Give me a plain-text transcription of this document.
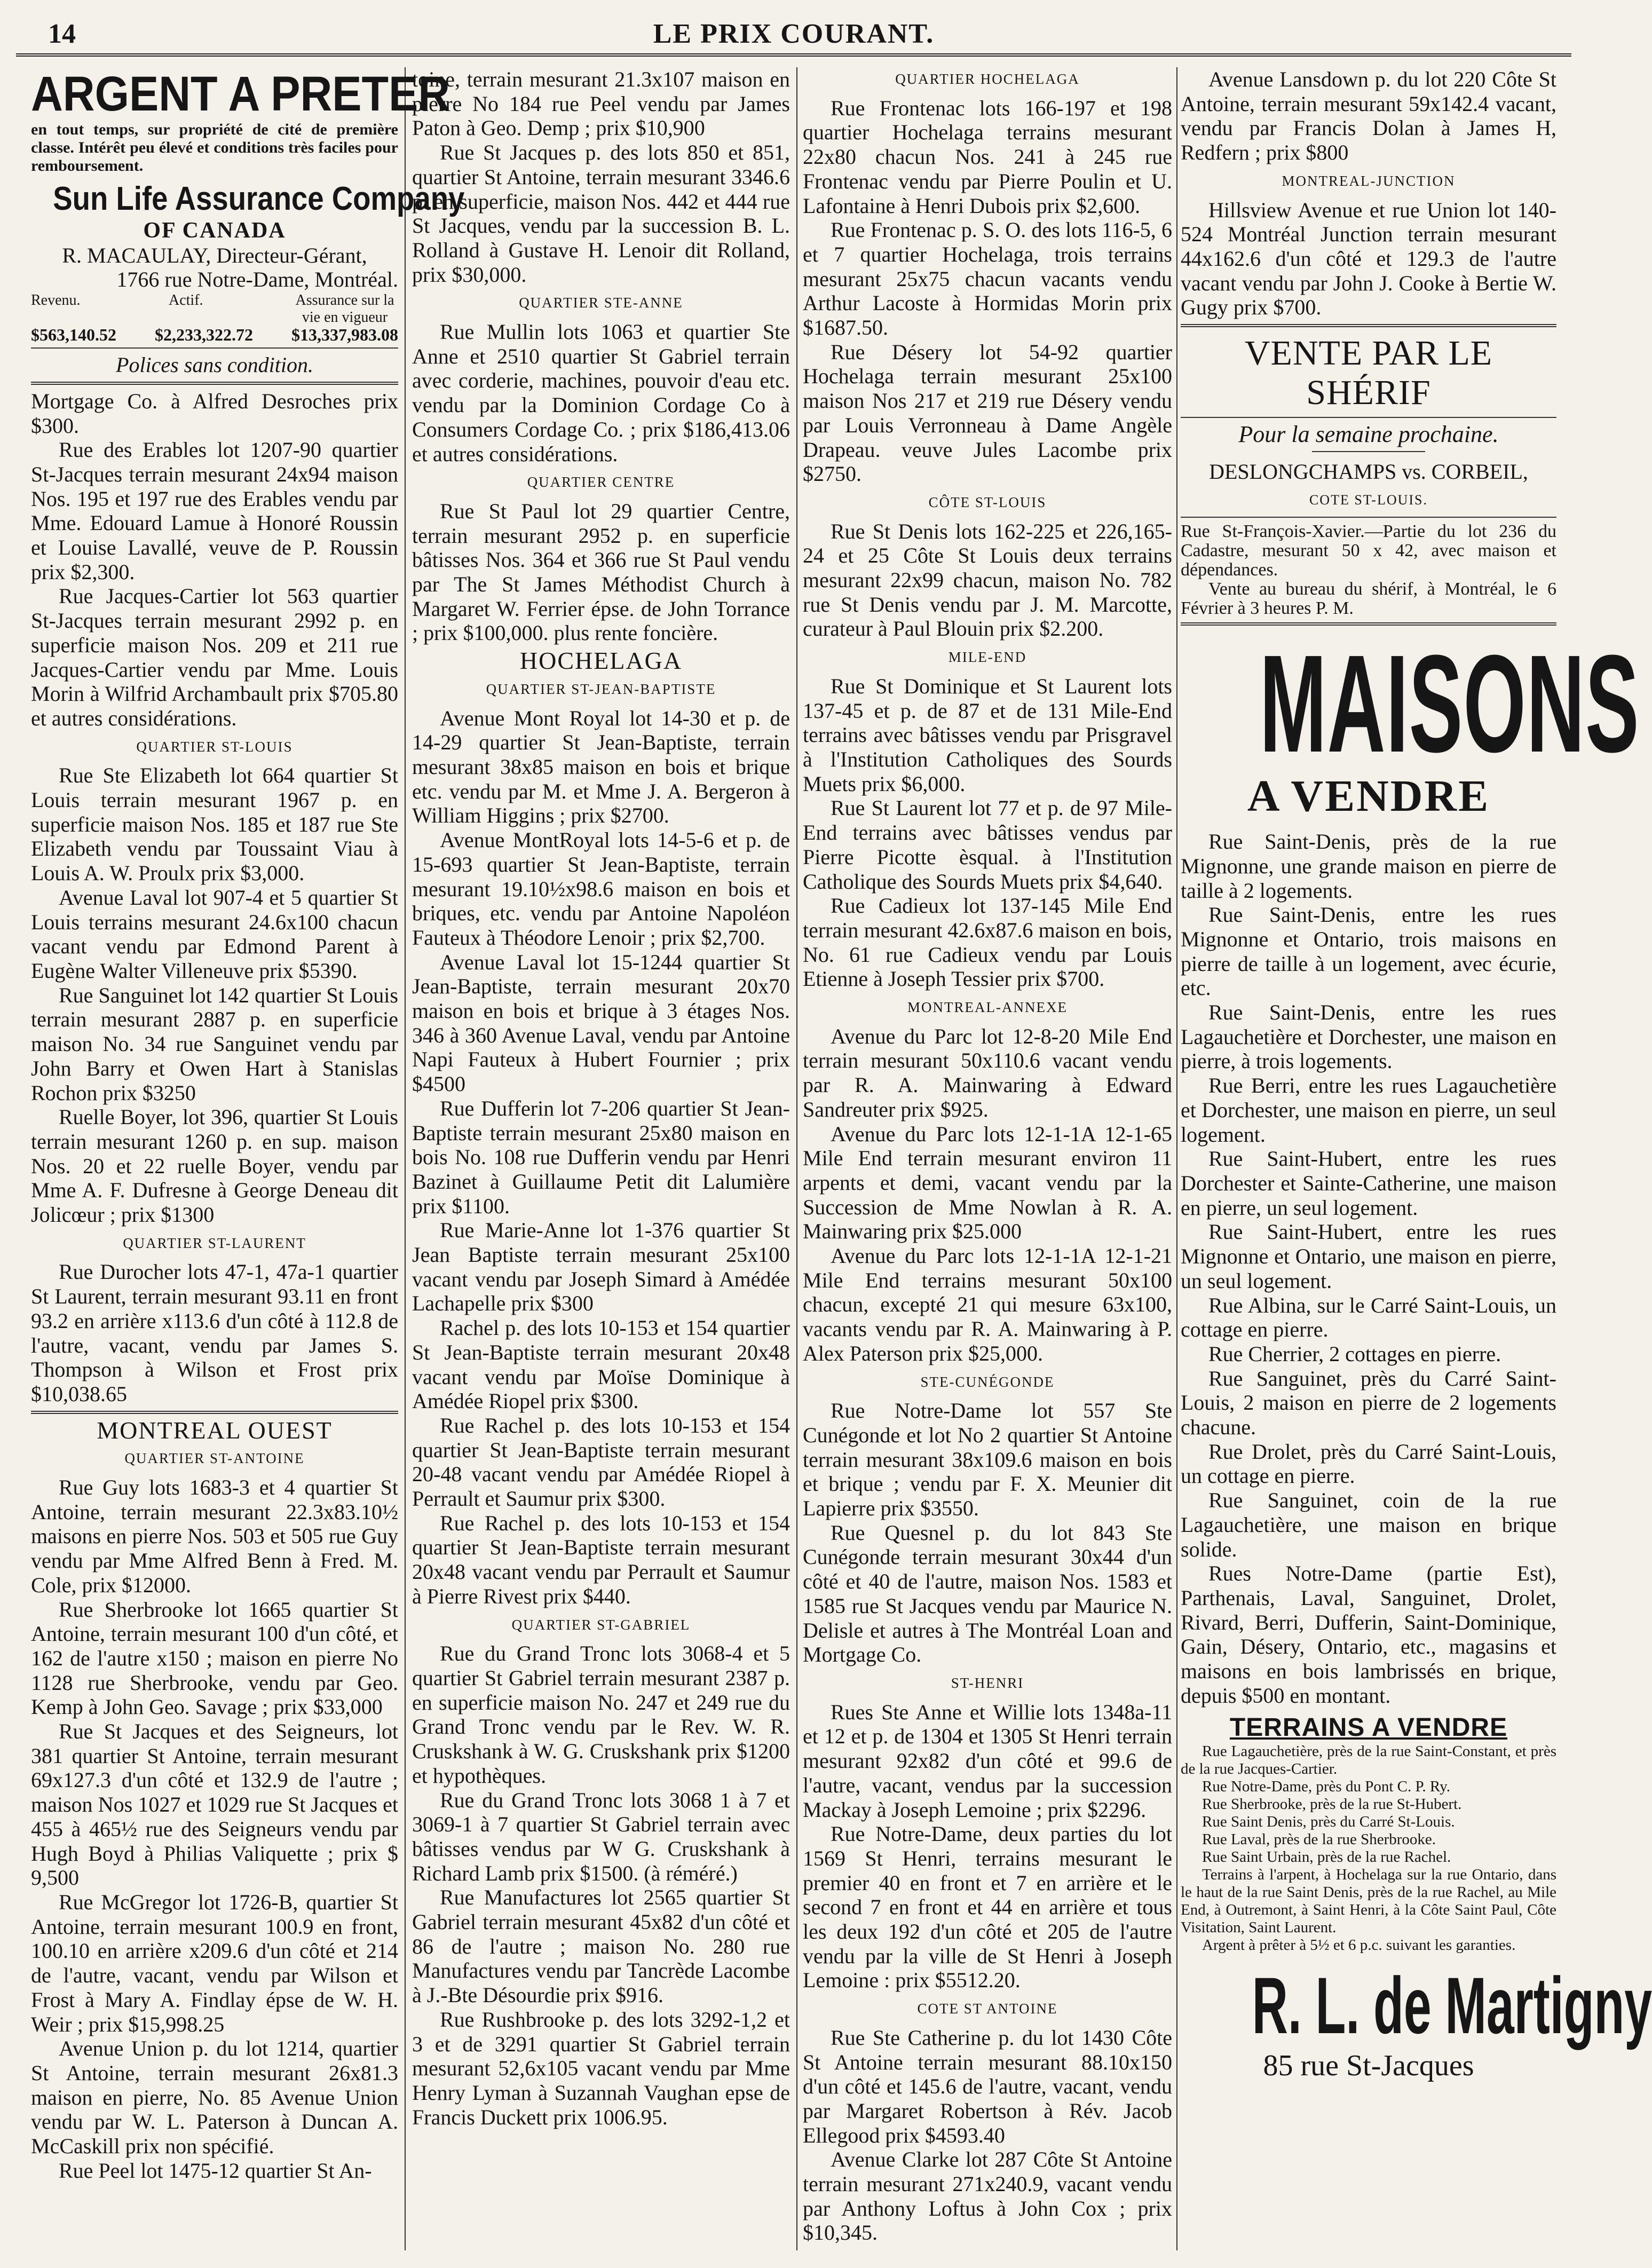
14	LE PRIX COURANT.
ARGENT A PRETER

en tout temps, sur propriété de cité de première classe. Intérêt peu élevé et conditions très faciles pour remboursement.

Sun Life Assurance Company
OF CANADA
R. MACAULAY, Directeur-Gérant,
1766 rue Notre-Dame, Montréal.
Revenu.	Actif.	Assurance sur la vie en vigueur
$563,140.52 $2,233,322.72 $13,337,983.08
Polices sans condition.

Mortgage Co. à Alfred Desroches prix $300.

Rue des Erables lot 1207-90 quartier St-Jacques terrain mesurant 24x94 maison Nos. 195 et 197 rue des Erables vendu par Mme. Edouard Lamue à Honoré Roussin et Louise Lavallé, veuve de P. Roussin prix $2,300.

Rue Jacques-Cartier lot 563 quartier St-Jacques terrain mesurant 2992 p. en superficie maison Nos. 209 et 211 rue Jacques-Cartier vendu par Mme. Louis Morin à Wilfrid Archambault prix $705.80 et autres considérations.

QUARTIER ST-LOUIS

Rue Ste Elizabeth lot 664 quartier St Louis terrain mesurant 1967 p. en superficie maison Nos. 185 et 187 rue Ste Elizabeth vendu par Toussaint Viau à Louis A. W. Proulx prix $3,000.

Avenue Laval lot 907-4 et 5 quartier St Louis terrains mesurant 24.6x100 chacun vacant vendu par Edmond Parent à Eugène Walter Villeneuve prix $5390.

Rue Sanguinet lot 142 quartier St Louis terrain mesurant 2887 p. en superficie maison No. 34 rue Sanguinet vendu par John Barry et Owen Hart à Stanislas Rochon prix $3250

Ruelle Boyer, lot 396, quartier St Louis terrain mesurant 1260 p. en sup. maison Nos. 20 et 22 ruelle Boyer, vendu par Mme A. F. Dufresne à George Deneau dit Jolicœur ; prix $1300

QUARTIER ST-LAURENT

Rue Durocher lots 47-1, 47a-1 quartier St Laurent, terrain mesurant 93.11 en front 93.2 en arrière x113.6 d'un côté à 112.8 de l'autre, vacant, vendu par James S. Thompson à Wilson et Frost prix $10,038.65

MONTREAL OUEST
QUARTIER ST-ANTOINE

Rue Guy lots 1683-3 et 4 quartier St Antoine, terrain mesurant 22.3x83.10½ maisons en pierre Nos. 503 et 505 rue Guy vendu par Mme Alfred Benn à Fred. M. Cole, prix $12000.

Rue Sherbrooke lot 1665 quartier St Antoine, terrain mesurant 100 d'un côté, et 162 de l'autre x150 ; maison en pierre No 1128 rue Sherbrooke, vendu par Geo. Kemp à John Geo. Savage ; prix $33,000

Rue St Jacques et des Seigneurs, lot 381 quartier St Antoine, terrain mesurant 69x127.3 d'un côté et 132.9 de l'autre ; maison Nos 1027 et 1029 rue St Jacques et 455 à 465½ rue des Seigneurs vendu par Hugh Boyd à Philias Valiquette ; prix $ 9,500

Rue McGregor lot 1726-B, quartier St Antoine, terrain mesurant 100.9 en front, 100.10 en arrière x209.6 d'un côté et 214 de l'autre, vacant, vendu par Wilson et Frost à Mary A. Findlay épse de W. H. Weir ; prix $15,998.25

Avenue Union p. du lot 1214, quartier St Antoine, terrain mesurant 26x81.3 maison en pierre, No. 85 Avenue Union vendu par W. L. Paterson à Duncan A. McCaskill prix non spécifié.

Rue Peel lot 1475-12 quartier St An-

toine, terrain mesurant 21.3x107 maison en pierre No 184 rue Peel vendu par James Paton à Geo. Demp ; prix $10,900

Rue St Jacques p. des lots 850 et 851, quartier St Antoine, terrain mesurant 3346.6 p. en superficie, maison Nos. 442 et 444 rue St Jacques, vendu par la succession B. L. Rolland à Gustave H. Lenoir dit Rolland, prix $30,000.

QUARTIER STE-ANNE

Rue Mullin lots 1063 et quartier Ste Anne et 2510 quartier St Gabriel terrain avec corderie, machines, pouvoir d'eau etc. vendu par la Dominion Cordage Co à Consumers Cordage Co. ; prix $186,413.06 et autres considérations.

QUARTIER CENTRE

Rue St Paul lot 29 quartier Centre, terrain mesurant 2952 p. en superficie bâtisses Nos. 364 et 366 rue St Paul vendu par The St James Méthodist Church à Margaret W. Ferrier épse. de John Torrance ; prix $100,000. plus rente foncière.

HOCHELAGA
QUARTIER ST-JEAN-BAPTISTE

Avenue Mont Royal lot 14-30 et p. de 14-29 quartier St Jean-Baptiste, terrain mesurant 38x85 maison en bois et brique etc. vendu par M. et Mme J. A. Bergeron à William Higgins ; prix $2700.

Avenue MontRoyal lots 14-5-6 et p. de 15-693 quartier St Jean-Baptiste, terrain mesurant 19.10½x98.6 maison en bois et briques, etc. vendu par Antoine Napoléon Fauteux à Théodore Lenoir ; prix $2,700.

Avenue Laval lot 15-1244 quartier St Jean-Baptiste, terrain mesurant 20x70 maison en bois et brique à 3 étages Nos. 346 à 360 Avenue Laval, vendu par Antoine Napi Fauteux à Hubert Fournier ; prix $4500

Rue Dufferin lot 7-206 quartier St Jean-Baptiste terrain mesurant 25x80 maison en bois No. 108 rue Dufferin vendu par Henri Bazinet à Guillaume Petit dit Lalumière prix $1100.

Rue Marie-Anne lot 1-376 quartier St Jean Baptiste terrain mesurant 25x100 vacant vendu par Joseph Simard à Amédée Lachapelle prix $300

Rachel p. des lots 10-153 et 154 quartier St Jean-Baptiste terrain mesurant 20x48 vacant vendu par Moïse Dominique à Amédée Riopel prix $300.

Rue Rachel p. des lots 10-153 et 154 quartier St Jean-Baptiste terrain mesurant 20-48 vacant vendu par Amédée Riopel à Perrault et Saumur prix $300.

Rue Rachel p. des lots 10-153 et 154 quartier St Jean-Baptiste terrain mesurant 20x48 vacant vendu par Perrault et Saumur à Pierre Rivest prix $440.

QUARTIER ST-GABRIEL

Rue du Grand Tronc lots 3068-4 et 5 quartier St Gabriel terrain mesurant 2387 p. en superficie maison No. 247 et 249 rue du Grand Tronc vendu par le Rev. W. R. Cruskshank à W. G. Cruskshank prix $1200 et hypothèques.

Rue du Grand Tronc lots 3068 1 à 7 et 3069-1 à 7 quartier St Gabriel terrain avec bâtisses vendus par W G. Cruskshank à Richard Lamb prix $1500. (à réméré.)

Rue Manufactures lot 2565 quartier St Gabriel terrain mesurant 45x82 d'un côté et 86 de l'autre ; maison No. 280 rue Manufactures vendu par Tancrède Lacombe à J.-Bte Désourdie prix $916.

Rue Rushbrooke p. des lots 3292-1,2 et 3 et de 3291 quartier St Gabriel terrain mesurant 52,6x105 vacant vendu par Mme Henry Lyman à Suzannah Vaughan epse de Francis Duckett prix 1006.95.

QUARTIER HOCHELAGA

Rue Frontenac lots 166-197 et 198 quartier Hochelaga terrains mesurant 22x80 chacun Nos. 241 à 245 rue Frontenac vendu par Pierre Poulin et U. Lafontaine à Henri Dubois prix $2,600.

Rue Frontenac p. S. O. des lots 116-5, 6 et 7 quartier Hochelaga, trois terrains mesurant 25x75 chacun vacants vendu Arthur Lacoste à Hormidas Morin prix $1687.50.

Rue Désery lot 54-92 quartier Hochelaga terrain mesurant 25x100 maison Nos 217 et 219 rue Désery vendu par Louis Verronneau à Dame Angèle Drapeau. veuve Jules Lacombe prix $2750.

CÔTE ST-LOUIS

Rue St Denis lots 162-225 et 226,165-24 et 25 Côte St Louis deux terrains mesurant 22x99 chacun, maison No. 782 rue St Denis vendu par J. M. Marcotte, curateur à Paul Blouin prix $2.200.

MILE-END

Rue St Dominique et St Laurent lots 137-45 et p. de 87 et de 131 Mile-End terrains avec bâtisses vendu par Prisgravel à l'Institution Catholiques des Sourds Muets prix $6,000.

Rue St Laurent lot 77 et p. de 97 Mile-End terrains avec bâtisses vendus par Pierre Picotte èsqual. à l'Institution Catholique des Sourds Muets prix $4,640.

Rue Cadieux lot 137-145 Mile End terrain mesurant 42.6x87.6 maison en bois, No. 61 rue Cadieux vendu par Louis Etienne à Joseph Tessier prix $700.

MONTREAL-ANNEXE

Avenue du Parc lot 12-8-20 Mile End terrain mesurant 50x110.6 vacant vendu par R. A. Mainwaring à Edward Sandreuter prix $925.

Avenue du Parc lots 12-1-1A 12-1-65 Mile End terrain mesurant environ 11 arpents et demi, vacant vendu par la Succession de Mme Nowlan à R. A. Mainwaring prix $25.000

Avenue du Parc lots 12-1-1A 12-1-21 Mile End terrains mesurant 50x100 chacun, excepté 21 qui mesure 63x100, vacants vendu par R. A. Mainwaring à P. Alex Paterson prix $25,000.

STE-CUNÉGONDE

Rue Notre-Dame lot 557 Ste Cunégonde et lot No 2 quartier St Antoine terrain mesurant 38x109.6 maison en bois et brique ; vendu par F. X. Meunier dit Lapierre prix $3550.

Rue Quesnel p. du lot 843 Ste Cunégonde terrain mesurant 30x44 d'un côté et 40 de l'autre, maison Nos. 1583 et 1585 rue St Jacques vendu par Maurice N. Delisle et autres à The Montréal Loan and Mortgage Co.

ST-HENRI

Rues Ste Anne et Willie lots 1348a-11 et 12 et p. de 1304 et 1305 St Henri terrain mesurant 92x82 d'un côté et 99.6 de l'autre, vacant, vendus par la succession Mackay à Joseph Lemoine ; prix $2296.

Rue Notre-Dame, deux parties du lot 1569 St Henri, terrains mesurant le premier 40 en front et 7 en arrière et le second 7 en front et 44 en arrière et tous les deux 192 d'un côté et 205 de l'autre vendu par la ville de St Henri à Joseph Lemoine : prix $5512.20.

COTE ST ANTOINE

Rue Ste Catherine p. du lot 1430 Côte St Antoine terrain mesurant 88.10x150 d'un côté et 145.6 de l'autre, vacant, vendu par Margaret Robertson à Rév. Jacob Ellegood prix $4593.40

Avenue Clarke lot 287 Côte St Antoine terrain mesurant 271x240.9, vacant vendu par Anthony Loftus à John Cox ; prix $10,345.

Avenue Lansdown p. du lot 220 Côte St Antoine, terrain mesurant 59x142.4 vacant, vendu par Francis Dolan à James H, Redfern ; prix $800

MONTREAL-JUNCTION

Hillsview Avenue et rue Union lot 140-524 Montréal Junction terrain mesurant 44x162.6 d'un côté et 129.3 de l'autre vacant vendu par John J. Cooke à Bertie W. Gugy prix $700.

VENTE PAR LE SHÉRIF
Pour la semaine prochaine.
DESLONGCHAMPS vs. CORBEIL,
COTE ST-LOUIS.

Rue St-François-Xavier.—Partie du lot 236 du Cadastre, mesurant 50 x 42, avec maison et dépendances.

Vente au bureau du shérif, à Montréal, le 6 Février à 3 heures P. M.

MAISONS
A VENDRE

Rue Saint-Denis, près de la rue Mignonne, une grande maison en pierre de taille à 2 logements.

Rue Saint-Denis, entre les rues Mignonne et Ontario, trois maisons en pierre de taille à un logement, avec écurie, etc.

Rue Saint-Denis, entre les rues Lagauchetière et Dorchester, une maison en pierre, à trois logements.

Rue Berri, entre les rues Lagauchetière et Dorchester, une maison en pierre, un seul logement.

Rue Saint-Hubert, entre les rues Dorchester et Sainte-Catherine, une maison en pierre, un seul logement.

Rue Saint-Hubert, entre les rues Mignonne et Ontario, une maison en pierre, un seul logement.

Rue Albina, sur le Carré Saint-Louis, un cottage en pierre.

Rue Cherrier, 2 cottages en pierre.

Rue Sanguinet, près du Carré Saint-Louis, 2 maison en pierre de 2 logements chacune.

Rue Drolet, près du Carré Saint-Louis, un cottage en pierre.

Rue Sanguinet, coin de la rue Lagauchetière, une maison en brique solide.

Rues Notre-Dame (partie Est), Parthenais, Laval, Sanguinet, Drolet, Rivard, Berri, Dufferin, Saint-Dominique, Gain, Désery, Ontario, etc., magasins et maisons en bois lambrissés en brique, depuis $500 en montant.

TERRAINS A VENDRE

Rue Lagauchetière, près de la rue Saint-Constant, et près de la rue Jacques-Cartier.

Rue Notre-Dame, près du Pont C. P. Ry.

Rue Sherbrooke, près de la rue St-Hubert.

Rue Saint Denis, près du Carré St-Louis.

Rue Laval, près de la rue Sherbrooke.

Rue Saint Urbain, près de la rue Rachel.

Terrains à l'arpent, à Hochelaga sur la rue Ontario, dans le haut de la rue Saint Denis, près de la rue Rachel, au Mile End, à Outremont, à Saint Henri, à la Côte Saint Paul, Côte Visitation, Saint Laurent.

Argent à prêter à 5½ et 6 p.c. suivant les garanties.

R. L. de Martigny
85 rue St-Jacques
